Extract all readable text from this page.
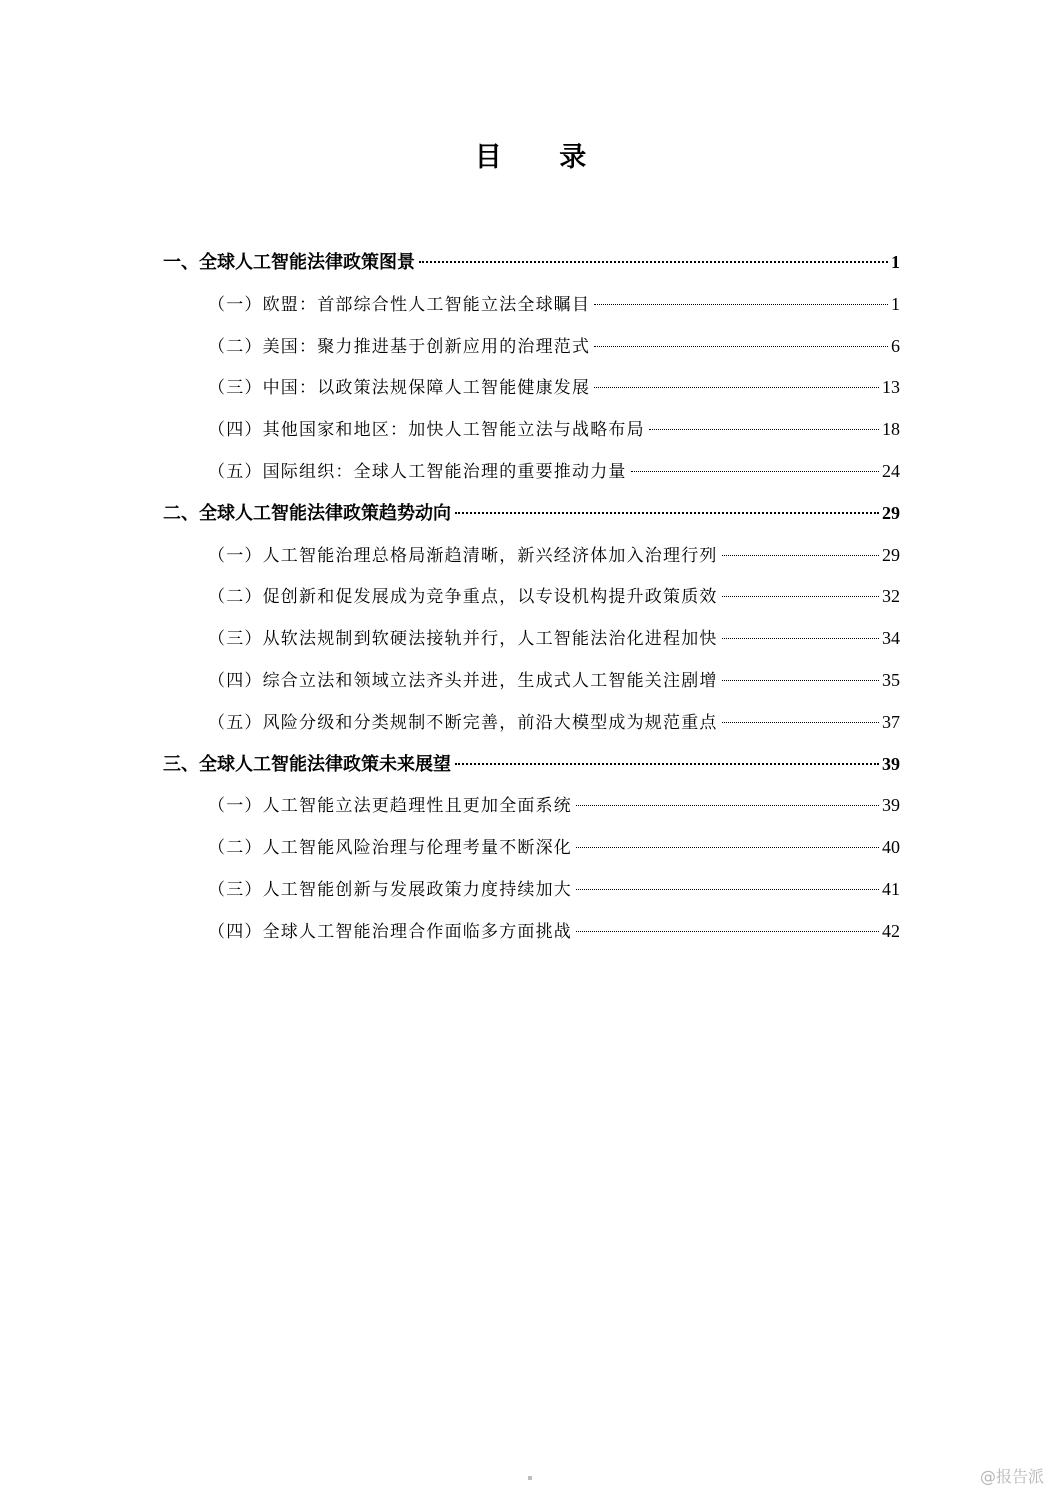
目 录
一、全球人工智能法律政策图景	1
（一）欧盟：首部综合性人工智能立法全球瞩目	1
（二）美国：聚力推进基于创新应用的治理范式	6
（三）中国：以政策法规保障人工智能健康发展	13
（四）其他国家和地区：加快人工智能立法与战略布局	18
（五）国际组织：全球人工智能治理的重要推动力量	24
二、全球人工智能法律政策趋势动向	29
（一）人工智能治理总格局渐趋清晰，新兴经济体加入治理行列	29
（二）促创新和促发展成为竞争重点，以专设机构提升政策质效	32
（三）从软法规制到软硬法接轨并行，人工智能法治化进程加快	34
（四）综合立法和领域立法齐头并进，生成式人工智能关注剧增	35
（五）风险分级和分类规制不断完善，前沿大模型成为规范重点	37
三、全球人工智能法律政策未来展望	39
（一）人工智能立法更趋理性且更加全面系统	39
（二）人工智能风险治理与伦理考量不断深化	40
（三）人工智能创新与发展政策力度持续加大	41
（四）全球人工智能治理合作面临多方面挑战	42
@报告派
